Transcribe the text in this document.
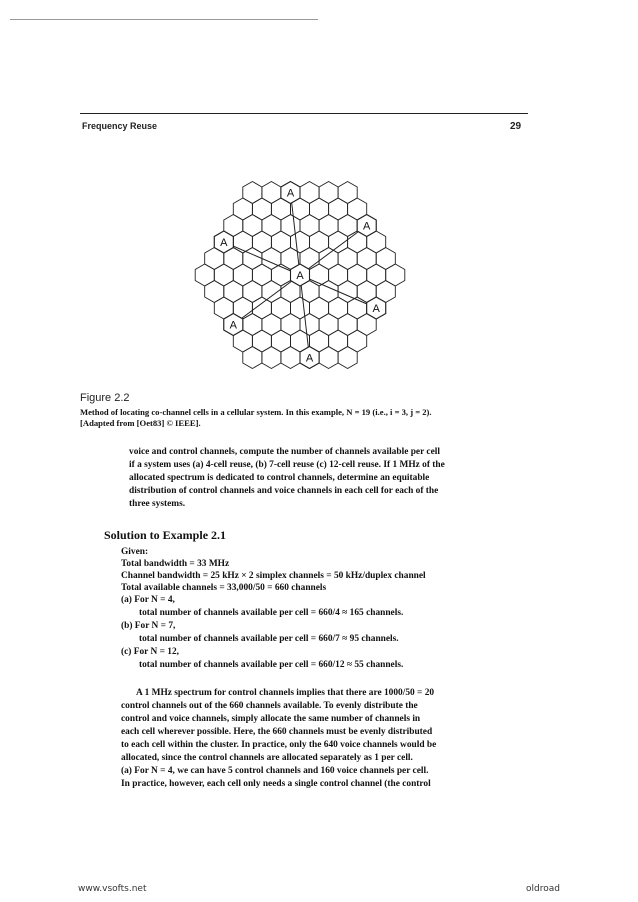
Frequency Reuse	29
A
A
A
A
A
A
A
Figure 2.2
Method of locating co-channel cells in a cellular system. In this example, N = 19 (i.e., i = 3, j = 2).
[Adapted from [Oet83] © IEEE].
voice and control channels, compute the number of channels available per cell
if a system uses (a) 4-cell reuse, (b) 7-cell reuse (c) 12-cell reuse. If 1 MHz of the
allocated spectrum is dedicated to control channels, determine an equitable
distribution of control channels and voice channels in each cell for each of the
three systems.
Solution to Example 2.1
Given:
Total bandwidth = 33 MHz
Channel bandwidth = 25 kHz × 2 simplex channels = 50 kHz/duplex channel
Total available channels = 33,000/50 = 660 channels
(a) For N = 4,
total number of channels available per cell = 660/4 ≈ 165 channels.
(b) For N = 7,
total number of channels available per cell = 660/7 ≈ 95 channels.
(c) For N = 12,
total number of channels available per cell = 660/12 ≈ 55 channels.
A 1 MHz spectrum for control channels implies that there are 1000/50 = 20
control channels out of the 660 channels available. To evenly distribute the
control and voice channels, simply allocate the same number of channels in
each cell wherever possible. Here, the 660 channels must be evenly distributed
to each cell within the cluster. In practice, only the 640 voice channels would be
allocated, since the control channels are allocated separately as 1 per cell.
(a) For N = 4, we can have 5 control channels and 160 voice channels per cell.
In practice, however, each cell only needs a single control channel (the control
www.vsofts.net	oldroad
